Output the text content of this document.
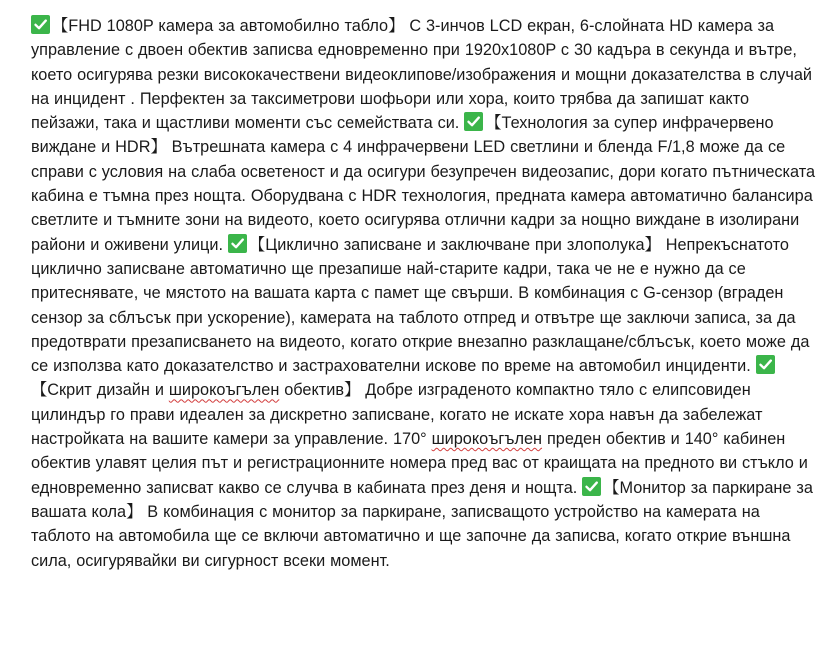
【FHD 1080P камера за автомобилно табло】 С 3-инчов LCD екран, 6-слойната HD камера за управление с двоен обектив записва едновременно при 1920x1080P с 30 кадъра в секунда и вътре, което осигурява резки висококачествени видеоклипове/изображения и мощни доказателства в случай на инцидент . Перфектен за таксиметрови шофьори или хора, които трябва да запишат както пейзажи, така и щастливи моменти със семействата си.
【Технология за супер инфрачервено виждане и HDR】 Вътрешната камера с 4 инфрачервени LED светлини и бленда F/1,8 може да се справи с условия на слаба осветеност и да осигури безупречен видеозапис, дори когато пътническата кабина е тъмна през нощта. Оборудвана с HDR технология, предната камера автоматично балансира светлите и тъмните зони на видеото, което осигурява отлични кадри за нощно виждане в изолирани райони и оживени улици.
【Циклично записване и заключване при злополука】 Непрекъснатото циклично записване автоматично ще презапише най-старите кадри, така че не е нужно да се притеснявате, че мястото на вашата карта с памет ще свърши. В комбинация с G-сензор (вграден сензор за сблъсък при ускорение), камерата на таблото отпред и отвътре ще заключи записа, за да предотврати презаписването на видеото, когато открие внезапно разклащане/сблъсък, което може да се използва като доказателство и застрахователни искове по време на автомобил инциденти.
【Скрит дизайн и широкоъгълен обектив】 Добре изграденото компактно тяло с елипсовиден цилиндър го прави идеален за дискретно записване, когато не искате хора навън да забележат настройката на вашите камери за управление. 170° широкоъгълен преден обектив и 140° кабинен обектив улавят целия път и регистрационните номера пред вас от краищата на предното ви стъкло и едновременно записват какво се случва в кабината през деня и нощта.
【Монитор за паркиране за вашата кола】 В комбинация с монитор за паркиране, записващото устройство на камерата на таблото на автомобила ще се включи автоматично и ще започне да записва, когато открие външна сила, осигурявайки ви сигурност всеки момент.
